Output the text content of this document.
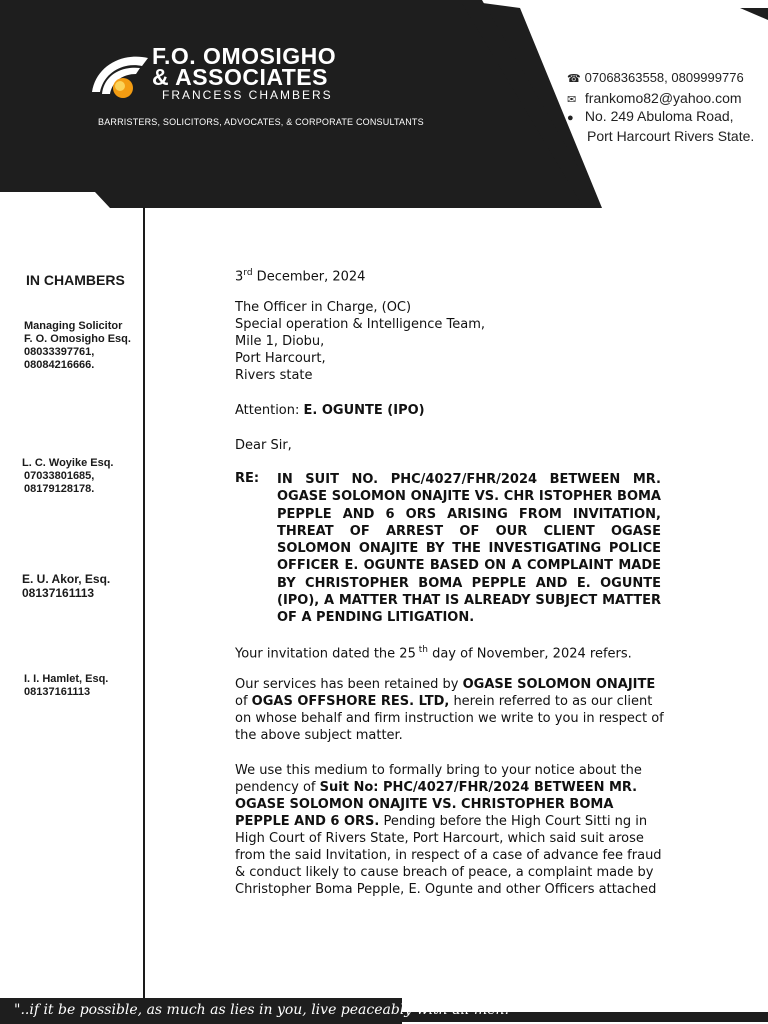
F.O. OMOSIGHO
& ASSOCIATES
FRANCESS CHAMBERS
BARRISTERS, SOLICITORS, ADVOCATES, & CORPORATE CONSULTANTS
☎ 07068363558, 0809999776
✉ frankomo82@yahoo.com
● No. 249 Abuloma Road,
Port Harcourt Rivers State.
IN CHAMBERS
Managing Solicitor
F. O. Omosigho Esq.
08033397761,
08084216666.
L. C. Woyike Esq.
07033801685,
08179128178.
E. U. Akor, Esq.
08137161113
I. I. Hamlet, Esq.
08137161113
3rd December, 2024
The Officer in Charge, (OC)
Special operation & Intelligence Team,
Mile 1, Diobu,
Port Harcourt,
Rivers state
Attention: E. OGUNTE (IPO)
Dear Sir,
RE: IN SUIT NO. PHC/4027/FHR/2024 BETWEEN MR. OGASE SOLOMON ONAJITE VS. CHR ISTOPHER BOMA PEPPLE AND 6 ORS ARISING FROM INVITATION, THREAT OF ARREST OF OUR CLIENT OGASE SOLOMON ONAJITE BY THE INVESTIGATING POLICE OFFICER E. OGUNTE BASED ON A COMPLAINT MADE BY CHRISTOPHER BOMA PEPPLE AND E. OGUNTE (IPO), A MATTER THAT IS ALREADY SUBJECT MATTER OF A PENDING LITIGATION.
Your invitation dated the 25 $^{th}$ day of November, 2024 refers.
Our services has been retained by OGASE SOLOMON ONAJITE
of OGAS OFFSHORE RES. LTD, herein referred to as our client on whose behalf and firm instruction we write to you in respect of the above subject matter.
We use this medium to formally bring to your notice about the pendency of Suit No: PHC/4027/FHR/2024 BETWEEN MR. OGASE SOLOMON ONAJITE VS. CHRISTOPHER BOMA PEPPLE AND 6 ORS. Pending before the High Court Sitti ng in High Court of Rivers State, Port Harcourt, which said suit arose from the said Invitation, in respect of a case of advance fee fraud & conduct likely to cause breach of peace, a complaint made by Christopher Boma Pepple, E. Ogunte and other Officers attached
"..if it be possible, as much as lies in you, live peaceably with all men."
